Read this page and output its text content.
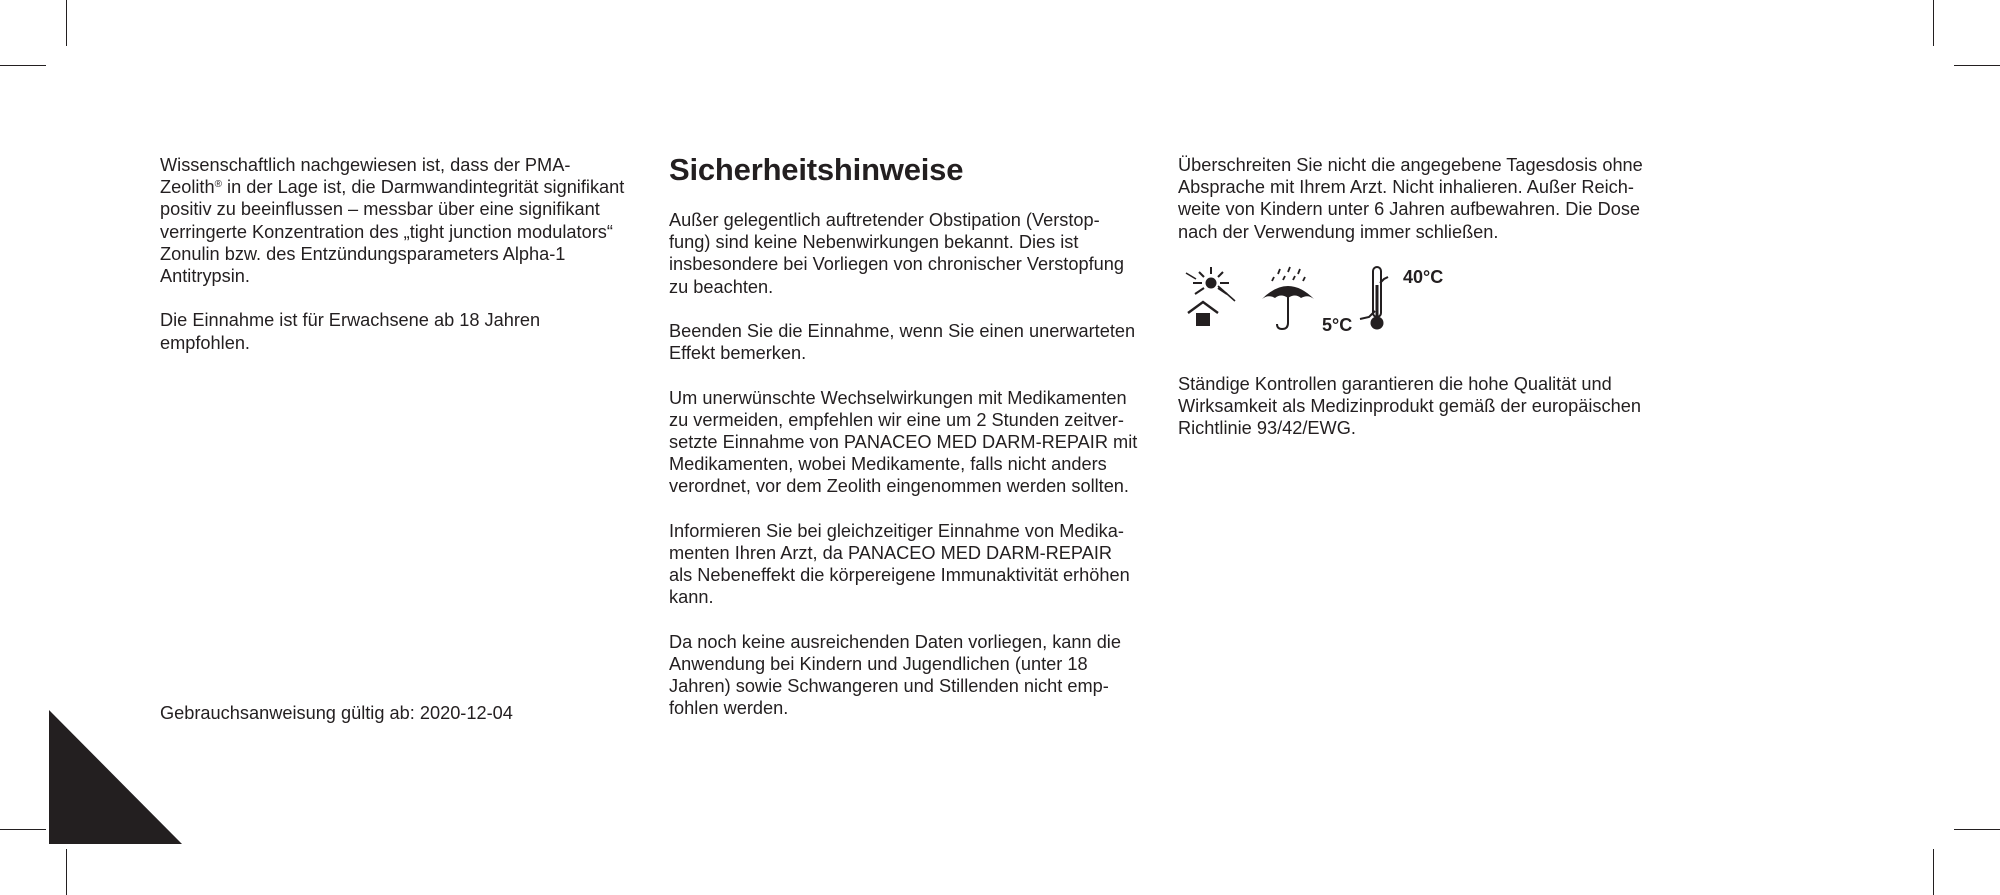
Wissenschaftlich nachgewiesen ist, dass der PMA-Zeolith® in der Lage ist, die Darmwandintegrität signifikant positiv zu beeinflussen – messbar über eine signifikant verringerte Konzentration des „tight junction modulators“ Zonulin bzw. des Entzündungsparameters Alpha-1 Antitrypsin.

Die Einnahme ist für Erwachsene ab 18 Jahren empfohlen.

Gebrauchsanweisung gültig ab: 2020-12-04
Sicherheitshinweise

Außer gelegentlich auftretender Obstipation (Verstop-fung) sind keine Nebenwirkungen bekannt. Dies ist insbesondere bei Vorliegen von chronischer Verstopfung zu beachten.

Beenden Sie die Einnahme, wenn Sie einen unerwarteten Effekt bemerken.

Um unerwünschte Wechselwirkungen mit Medikamenten zu vermeiden, empfehlen wir eine um 2 Stunden zeitver-setzte Einnahme von PANACEO MED DARM-REPAIR mit Medikamenten, wobei Medikamente, falls nicht anders verordnet, vor dem Zeolith eingenommen werden sollten.

Informieren Sie bei gleichzeitiger Einnahme von Medika-menten Ihren Arzt, da PANACEO MED DARM-REPAIR als Nebeneffekt die körpereigene Immunaktivität erhöhen kann.

Da noch keine ausreichenden Daten vorliegen, kann die Anwendung bei Kindern und Jugendlichen (unter 18 Jahren) sowie Schwangeren und Stillenden nicht emp-fohlen werden.

Überschreiten Sie nicht die angegebene Tagesdosis ohne Absprache mit Ihrem Arzt. Nicht inhalieren. Außer Reich-weite von Kindern unter 6 Jahren aufbewahren. Die Dose nach der Verwendung immer schließen.

5°C
40°C

Ständige Kontrollen garantieren die hohe Qualität und Wirksamkeit als Medizinprodukt gemäß der europäischen Richtlinie 93/42/EWG.
